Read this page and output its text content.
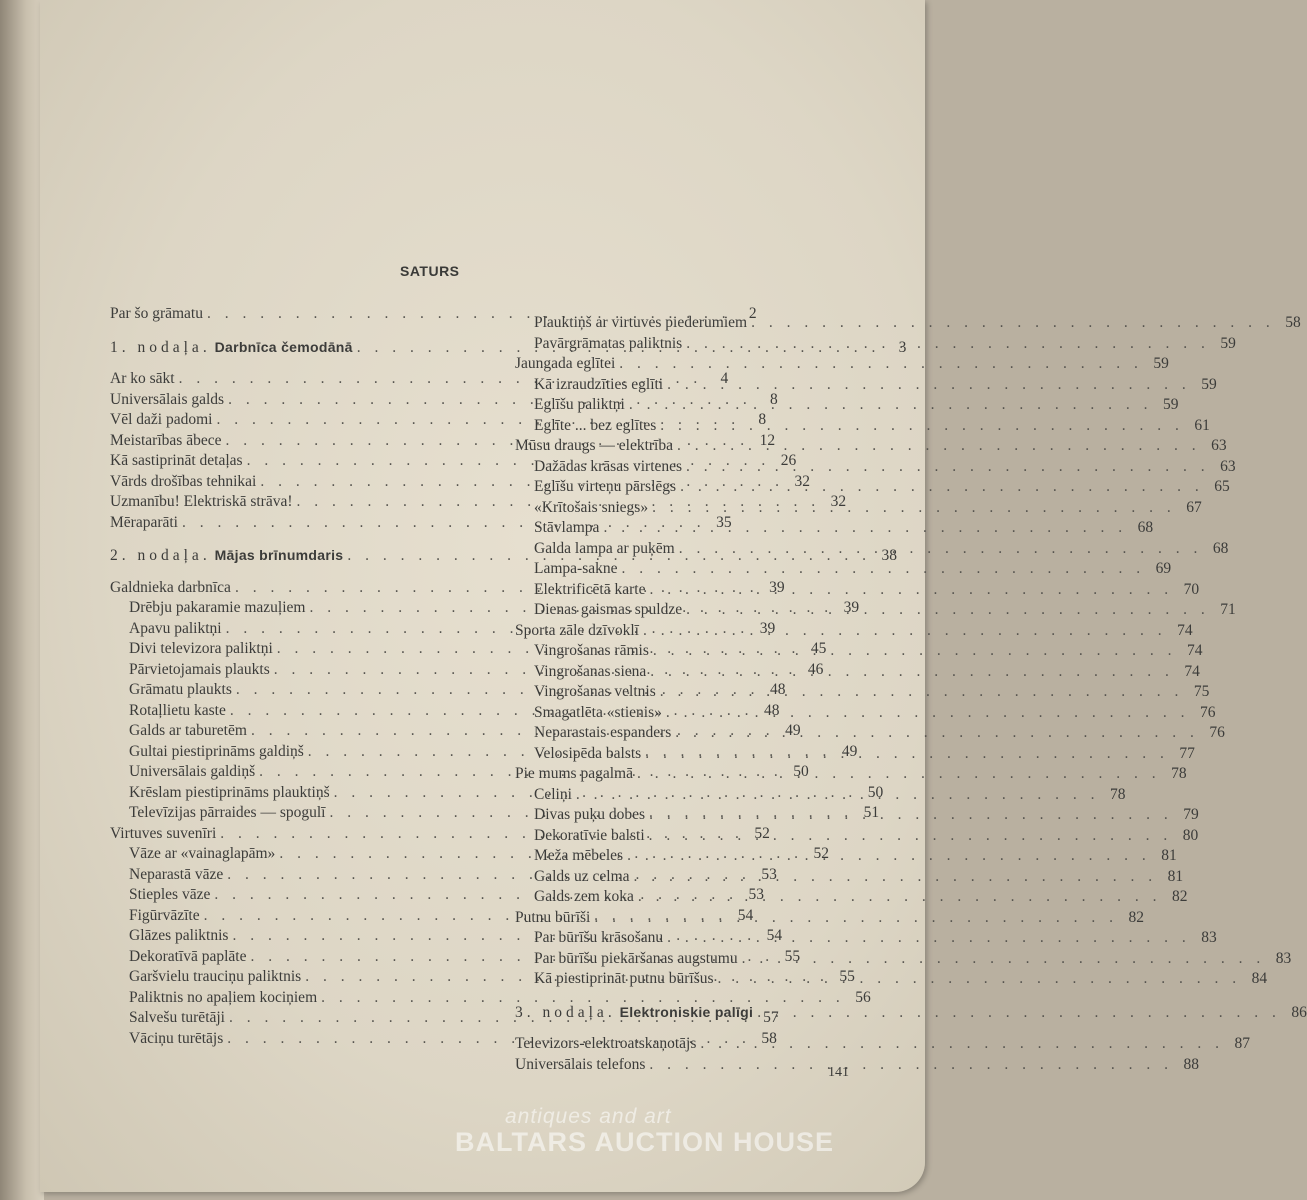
SATURS
Par šo grāmatu . . .	2
1. nodaļa. Darbnīca čemodānā . . .	3
Ar ko sākt . . .	4
Universālais galds . . .	8
Vēl daži padomi . . .	8
Meistarības ābece . . .	12
Kā sastiprināt detaļas . . .	26
Vārds drošības tehnikai . . .	32
Uzmanību! Elektriskā strāva! . . .	32
Mēraparāti . . .	35
2. nodaļa. Mājas brīnumdaris . . .	38
Galdnieka darbnīca . . .	39
Drēbju pakaramie mazuļiem . . .	39
Apavu paliktņi . . .	39
Divi televizora paliktņi . . .	45
Pārvietojamais plaukts . . .	46
Grāmatu plaukts . . .	48
Rotaļlietu kaste . . .	48
Galds ar taburetēm . . .	49
Gultai piestiprināms galdiņš . . .	49
Universālais galdiņš . . .	50
Krēslam piestiprināms plauktiņš . . .	50
Televīzijas pārraides — spogulī . . .	51
Virtuves suvenīri . . .	52
Vāze ar «vainaglapām» . . .	52
Neparastā vāze . . .	53
Stieples vāze . . .	53
Figūrvāzīte . . .	54
Glāzes paliktnis . . .	54
Dekoratīvā paplāte . . .	55
Garšvielu trauciņu paliktnis . . .	55
Paliktnis no apaļiem kociņiem . . .	56
Salvešu turētāji . . .	57
Vāciņu turētājs . . .	58
Plauktiņš ar virtuves piederumiem . . .	58
Pavārgrāmatas paliktnis . . .	59
Jaungada eglītei . . .	59
Kā izraudzīties eglīti . . .	59
Eglīšu paliktņi . . .	59
Eglīte ... bez eglītes . . .	61
Mūsu draugs — elektrība . . .	63
Dažādas krāsas virtenes . . .	63
Eglīšu virteņu pārslēgs . . .	65
«Krītošais sniegs» . . .	67
Stāvlampa . . .	68
Galda lampa ar puķēm . . .	68
Lampa-sakne . . .	69
Elektrificētā karte . . .	70
Dienas gaismas spuldze . . .	71
Sporta zāle dzīvoklī . . .	74
Vingrošanas rāmis . . .	74
Vingrošanas siena . . .	74
Vingrošanas veltnis . . .	75
Smagatlēta «stienis» . . .	76
Neparastais espanders . . .	76
Velosipēda balsts . . .	77
Pie mums pagalmā . . .	78
Celiņi . . .	78
Divas puķu dobes . . .	79
Dekoratīvie balsti . . .	80
Meža mēbeles . . .	81
Galds uz celma . . .	81
Galds zem koka . . .	82
Putnu būrīši . . .	82
Par būrīšu krāsošanu . . .	83
Par būrīšu piekāršanas augstumu . . .	83
Kā piestiprināt putnu būrīšus . . .	84
3. nodaļa. Elektroniskie palīgi . . .	86
Televizors-elektroatskaņotājs . . .	87
Universālais telefons . . .	88
141
antiques and art
BALTARS AUCTION HOUSE
